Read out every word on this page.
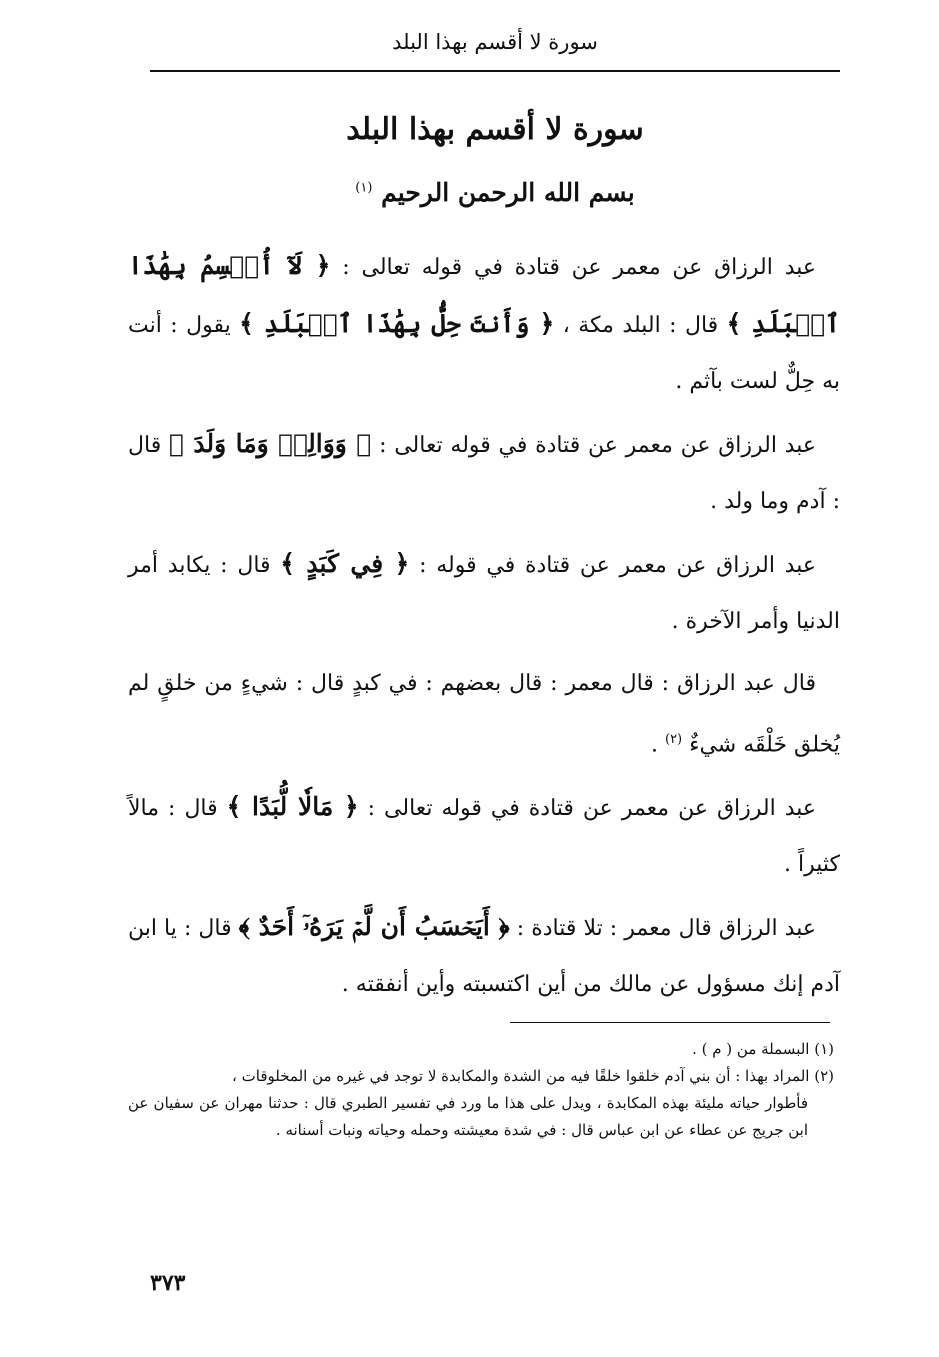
سورة لا أقسم بهذا البلد
سورة لا أقسم بهذا البلد
بسم الله الرحمن الرحيم $^{(١)}$

عبد الرزاق عن معمر عن قتادة في قوله تعالى : ﴿ لَآ أُقۡسِمُ بِهَٰذَا ٱلۡبَلَدِ ﴾ قال : البلد مكة ، ﴿ وَأَنتَ حِلُّۢ بِهَٰذَا ٱلۡبَلَدِ ﴾ يقول : أنت به حِلٌّ لست بآثم .

عبد الرزاق عن معمر عن قتادة في قوله تعالى : ﴿ وَوَالِدٖ وَمَا وَلَدَ ﴾ قال : آدم وما ولد .

عبد الرزاق عن معمر عن قتادة في قوله : ﴿ فِي كَبَدٍ ﴾ قال : يكابد أمر الدنيا وأمر الآخرة .

قال عبد الرزاق : قال معمر : قال بعضهم : في كبدٍ قال : شيءٍ من خلقٍ لم يُخلق خَلْقَه شيءٌ $^{(٢)}$ .

عبد الرزاق عن معمر عن قتادة في قوله تعالى : ﴿ مَالٗا لُّبَدًا ﴾ قال : مالاً كثيراً .

عبد الرزاق قال معمر : تلا قتادة : ﴿ أَيَحۡسَبُ أَن لَّمۡ يَرَهُۥٓ أَحَدٌ ﴾ قال : يا ابن آدم إنك مسؤول عن مالك من أين اكتسبته وأين أنفقته .

(١) البسملة من ( م ) .

(٢) المراد بهذا : أن بني آدم خلقوا خلقًا فيه من الشدة والمكابدة لا توجد في غيره من المخلوقات ،

فأطوار حياته مليئة بهذه المكابدة ، ويدل على هذا ما ورد في تفسير الطبري قال : حدثنا مهران عن سفيان عن ابن جريج عن عطاء عن ابن عباس قال : في شدة معيشته وحمله وحياته ونبات أسنانه .

٣٧٣
